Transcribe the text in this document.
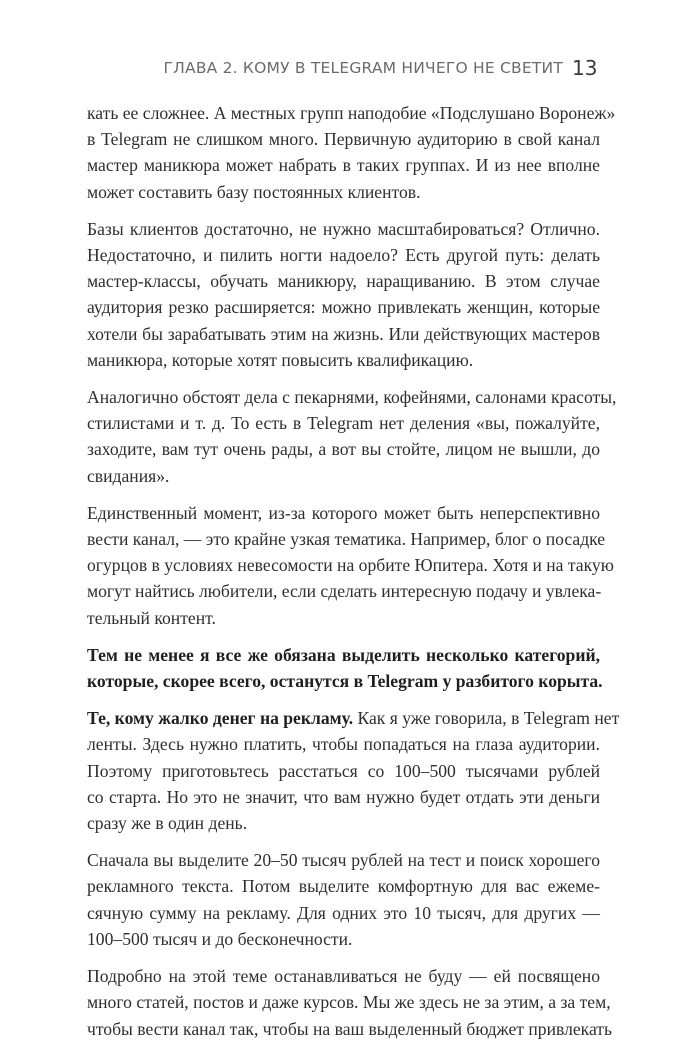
ГЛАВА 2. КОМУ В TELEGRAM НИЧЕГО НЕ СВЕТИТ 13

кать ее сложнее. А местных групп наподобие «Подслушано Воронеж»
в Telegram не слишком много. Первичную аудиторию в свой канал
мастер маникюра может набрать в таких группах. И из нее вполне
может составить базу постоянных клиентов.

Базы клиентов достаточно, не нужно масштабироваться? Отлично.
Недостаточно, и пилить ногти надоело? Есть другой путь: делать
мастер-классы, обучать маникюру, наращиванию. В этом случае
аудитория резко расширяется: можно привлекать женщин, которые
хотели бы зарабатывать этим на жизнь. Или действующих мастеров
маникюра, которые хотят повысить квалификацию.

Аналогично обстоят дела с пекарнями, кофейнями, салонами красоты,
стилистами и т. д. То есть в Telegram нет деления «вы, пожалуйте,
заходите, вам тут очень рады, а вот вы стойте, лицом не вышли, до
свидания».

Единственный момент, из-за которого может быть неперспективно
вести канал, — это крайне узкая тематика. Например, блог о посадке
огурцов в условиях невесомости на орбите Юпитера. Хотя и на такую
могут найтись любители, если сделать интересную подачу и увлека-
тельный контент.

Тем не менее я все же обязана выделить несколько категорий,
которые, скорее всего, останутся в Telegram у разбитого корыта.

Те, кому жалко денег на рекламу. Как я уже говорила, в Telegram нет
ленты. Здесь нужно платить, чтобы попадаться на глаза аудитории.
Поэтому приготовьтесь расстаться со 100–500 тысячами рублей
со старта. Но это не значит, что вам нужно будет отдать эти деньги
сразу же в один день.

Сначала вы выделите 20–50 тысяч рублей на тест и поиск хорошего
рекламного текста. Потом выделите комфортную для вас ежеме-
сячную сумму на рекламу. Для одних это 10 тысяч, для других —
100–500 тысяч и до бесконечности.

Подробно на этой теме останавливаться не буду — ей посвящено
много статей, постов и даже курсов. Мы же здесь не за этим, а за тем,
чтобы вести канал так, чтобы на ваш выделенный бюджет привлекать
